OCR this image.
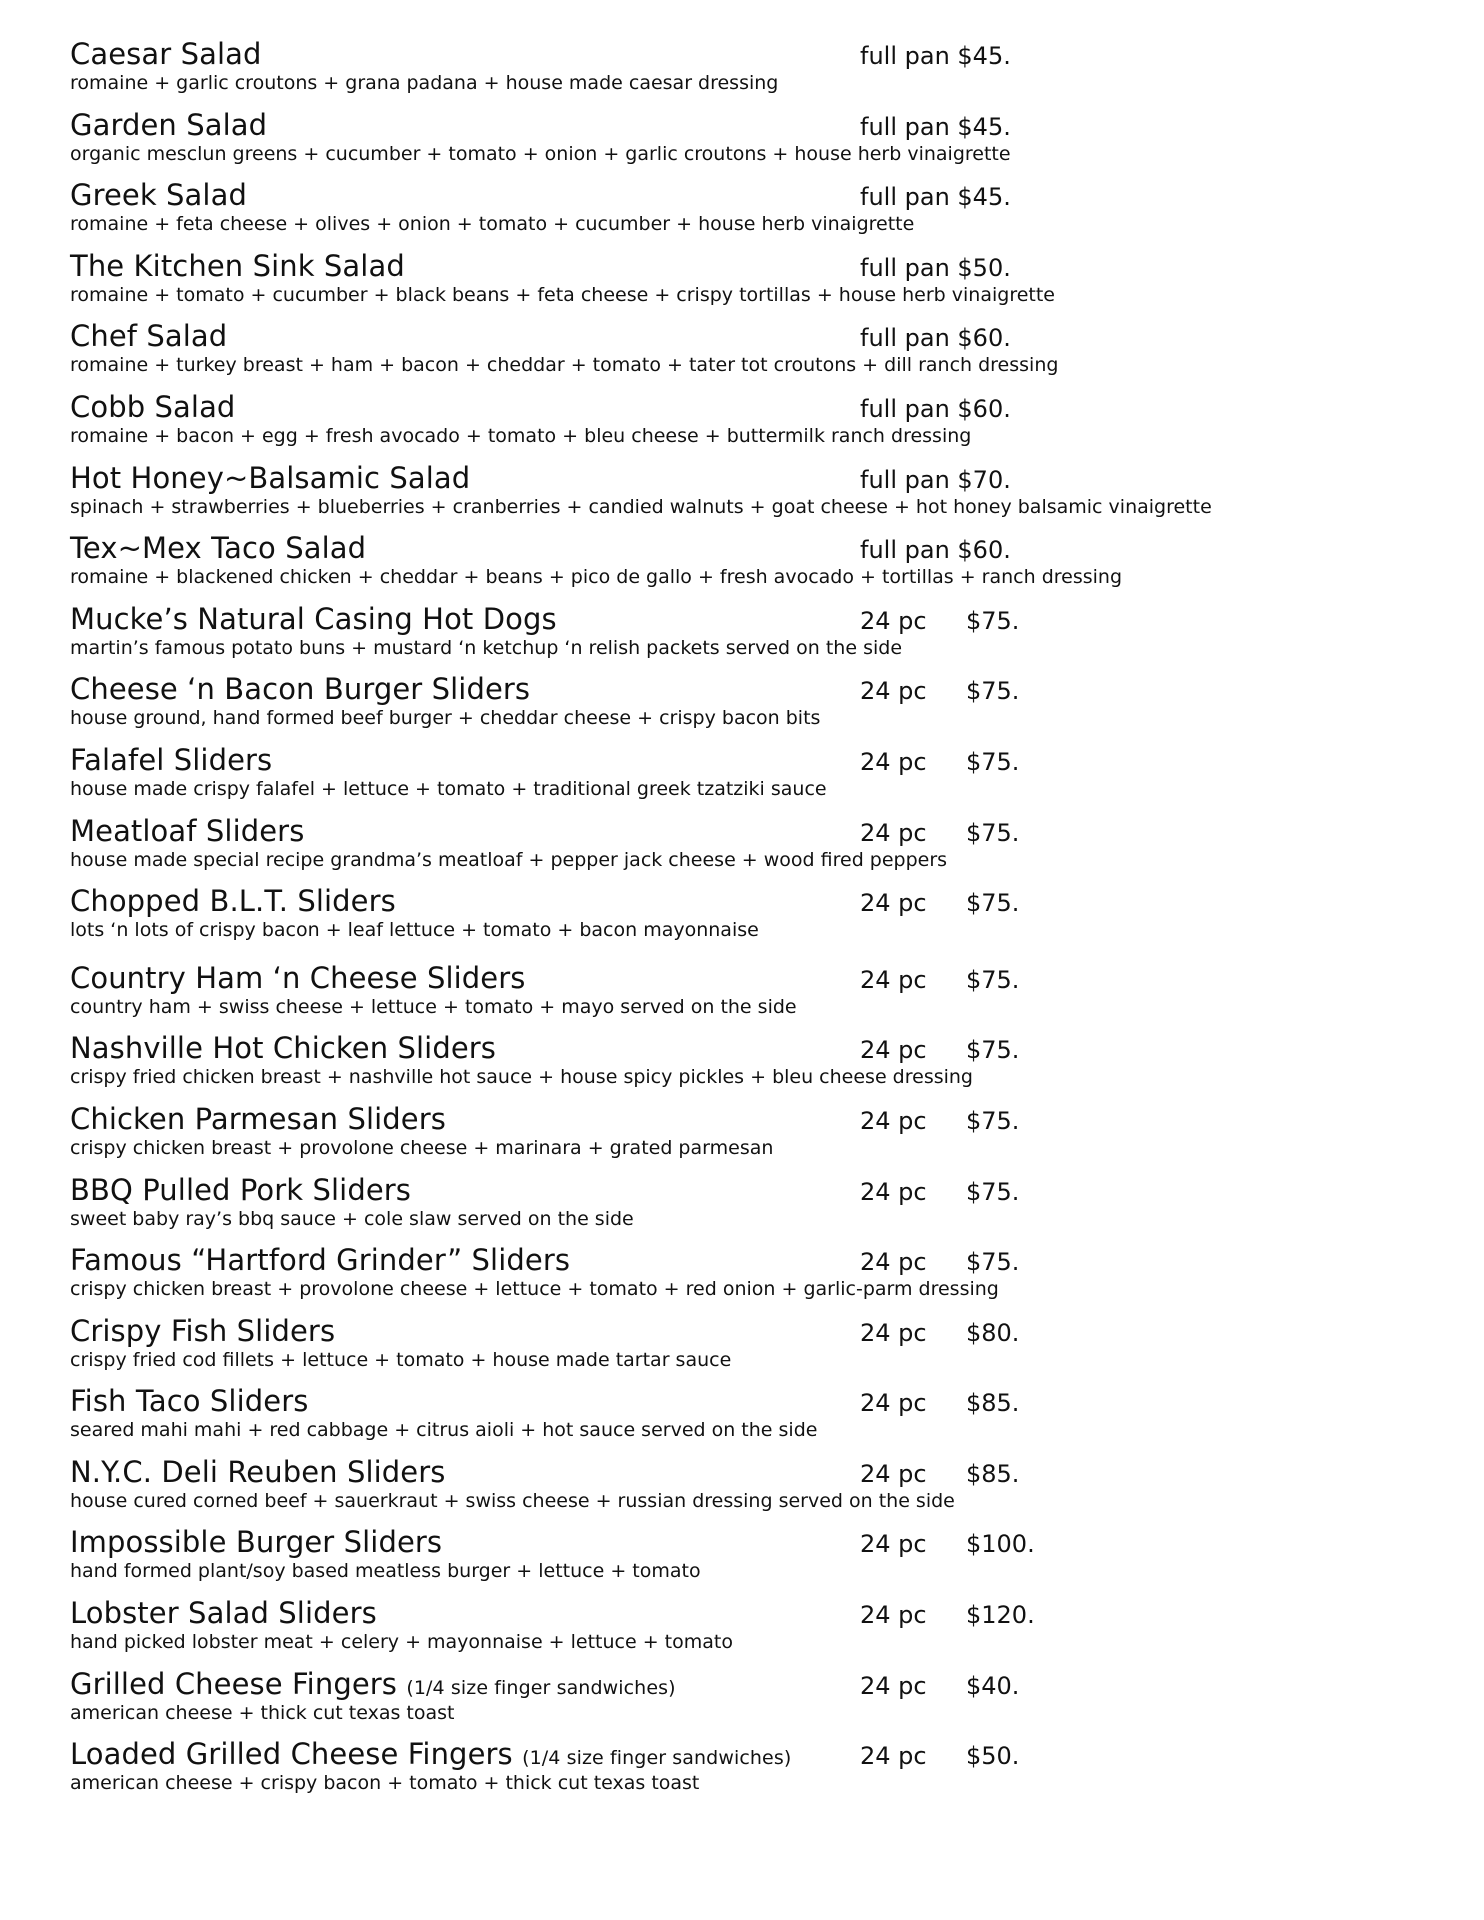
Caesar Salad	full pan $45.
romaine + garlic croutons + grana padana + house made caesar dressing
Garden Salad	full pan $45.
organic mesclun greens + cucumber + tomato + onion + garlic croutons + house herb vinaigrette
Greek Salad	full pan $45.
romaine + feta cheese + olives + onion + tomato + cucumber + house herb vinaigrette
The Kitchen Sink Salad	full pan $50.
romaine + tomato + cucumber + black beans + feta cheese + crispy tortillas + house herb vinaigrette
Chef Salad	full pan $60.
romaine + turkey breast + ham + bacon + cheddar + tomato + tater tot croutons + dill ranch dressing
Cobb Salad	full pan $60.
romaine + bacon + egg + fresh avocado + tomato + bleu cheese + buttermilk ranch dressing
Hot Honey~Balsamic Salad	full pan $70.
spinach + strawberries + blueberries + cranberries + candied walnuts + goat cheese + hot honey balsamic vinaigrette
Tex~Mex Taco Salad	full pan $60.
romaine + blackened chicken + cheddar + beans + pico de gallo + fresh avocado + tortillas + ranch dressing
Mucke’s Natural Casing Hot Dogs	24 pc $75.
martin’s famous potato buns + mustard ‘n ketchup ‘n relish packets served on the side
Cheese ‘n Bacon Burger Sliders	24 pc $75.
house ground, hand formed beef burger + cheddar cheese + crispy bacon bits
Falafel Sliders	24 pc $75.
house made crispy falafel + lettuce + tomato + traditional greek tzatziki sauce
Meatloaf Sliders	24 pc $75.
house made special recipe grandma’s meatloaf + pepper jack cheese + wood fired peppers
Chopped B.L.T. Sliders	24 pc $75.
lots ‘n lots of crispy bacon + leaf lettuce + tomato + bacon mayonnaise
Country Ham ‘n Cheese Sliders	24 pc $75.
country ham + swiss cheese + lettuce + tomato + mayo served on the side
Nashville Hot Chicken Sliders	24 pc $75.
crispy fried chicken breast + nashville hot sauce + house spicy pickles + bleu cheese dressing
Chicken Parmesan Sliders	24 pc $75.
crispy chicken breast + provolone cheese + marinara + grated parmesan
BBQ Pulled Pork Sliders	24 pc $75.
sweet baby ray’s bbq sauce + cole slaw served on the side
Famous “Hartford Grinder” Sliders	24 pc $75.
crispy chicken breast + provolone cheese + lettuce + tomato + red onion + garlic-parm dressing
Crispy Fish Sliders	24 pc $80.
crispy fried cod fillets + lettuce + tomato + house made tartar sauce
Fish Taco Sliders	24 pc $85.
seared mahi mahi + red cabbage + citrus aioli + hot sauce served on the side
N.Y.C. Deli Reuben Sliders	24 pc $85.
house cured corned beef + sauerkraut + swiss cheese + russian dressing served on the side
Impossible Burger Sliders	24 pc $100.
hand formed plant/soy based meatless burger + lettuce + tomato
Lobster Salad Sliders	24 pc $120.
hand picked lobster meat + celery + mayonnaise + lettuce + tomato
Grilled Cheese Fingers (1/4 size finger sandwiches)	24 pc $40.
american cheese + thick cut texas toast
Loaded Grilled Cheese Fingers (1/4 size finger sandwiches)	24 pc $50.
american cheese + crispy bacon + tomato + thick cut texas toast
